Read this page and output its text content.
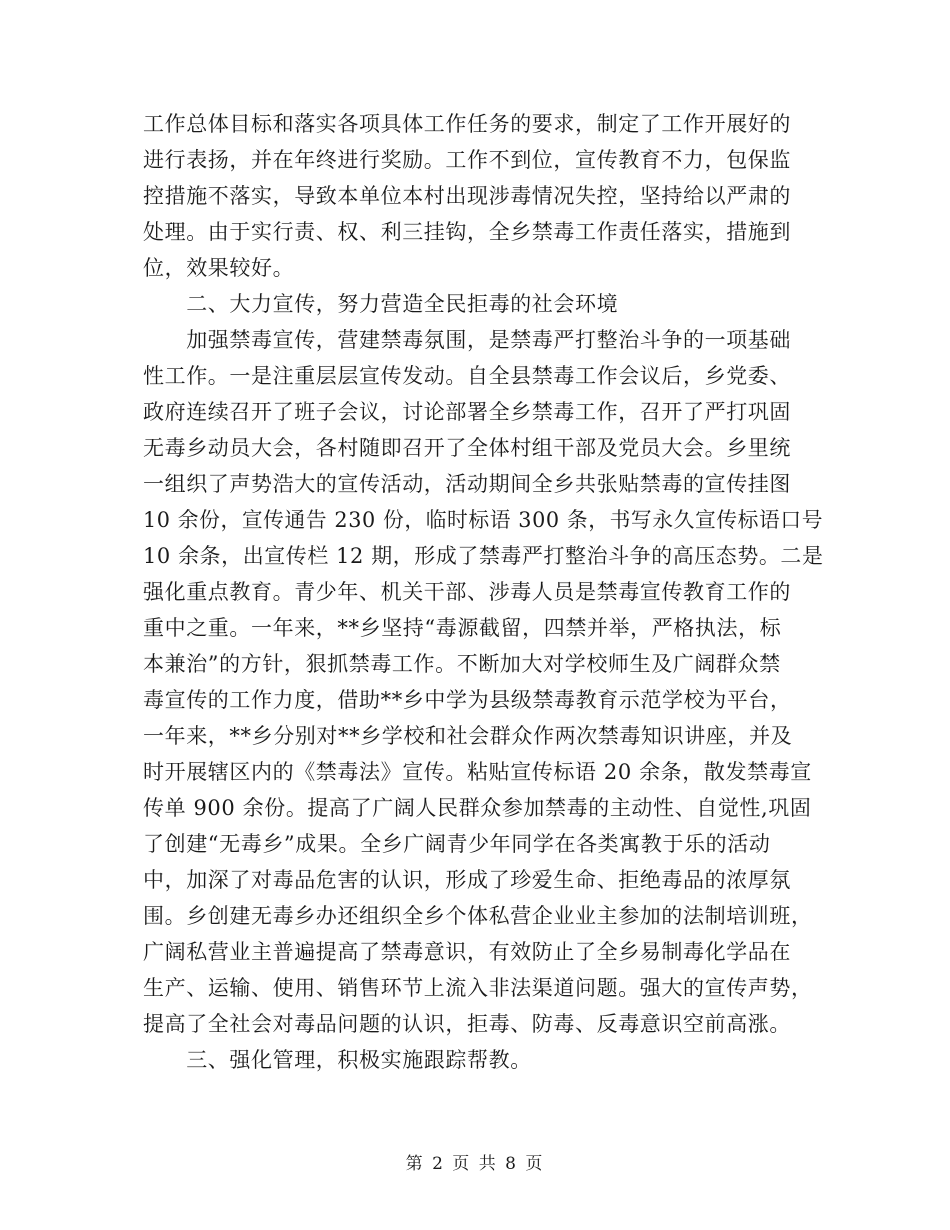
工作总体目标和落实各项具体工作任务的要求，制定了工作开展好的
进行表扬，并在年终进行奖励。工作不到位，宣传教育不力，包保监
控措施不落实，导致本单位本村出现涉毒情况失控，坚持给以严肃的
处理。由于实行责、权、利三挂钩，全乡禁毒工作责任落实，措施到
位，效果较好。
　　二、大力宣传，努力营造全民拒毒的社会环境
　　加强禁毒宣传，营建禁毒氛围，是禁毒严打整治斗争的一项基础
性工作。一是注重层层宣传发动。自全县禁毒工作会议后，乡党委、
政府连续召开了班子会议，讨论部署全乡禁毒工作，召开了严打巩固
无毒乡动员大会，各村随即召开了全体村组干部及党员大会。乡里统
一组织了声势浩大的宣传活动，活动期间全乡共张贴禁毒的宣传挂图
10 余份，宣传通告 230 份，临时标语 300 条，书写永久宣传标语口号
10 余条，出宣传栏 12 期，形成了禁毒严打整治斗争的高压态势。二是
强化重点教育。青少年、机关干部、涉毒人员是禁毒宣传教育工作的
重中之重。一年来，**乡坚持“毒源截留，四禁并举，严格执法，标
本兼治”的方针，狠抓禁毒工作。不断加大对学校师生及广阔群众禁
毒宣传的工作力度，借助**乡中学为县级禁毒教育示范学校为平台，
一年来，**乡分别对**乡学校和社会群众作两次禁毒知识讲座，并及
时开展辖区内的《禁毒法》宣传。粘贴宣传标语 20 余条，散发禁毒宣
传单 900 余份。提高了广阔人民群众参加禁毒的主动性、自觉性,巩固
了创建“无毒乡”成果。全乡广阔青少年同学在各类寓教于乐的活动
中，加深了对毒品危害的认识，形成了珍爱生命、拒绝毒品的浓厚氛
围。乡创建无毒乡办还组织全乡个体私营企业业主参加的法制培训班，
广阔私营业主普遍提高了禁毒意识，有效防止了全乡易制毒化学品在
生产、运输、使用、销售环节上流入非法渠道问题。强大的宣传声势，
提高了全社会对毒品问题的认识，拒毒、防毒、反毒意识空前高涨。
　　三、强化管理，积极实施跟踪帮教。
第 2 页 共 8 页
